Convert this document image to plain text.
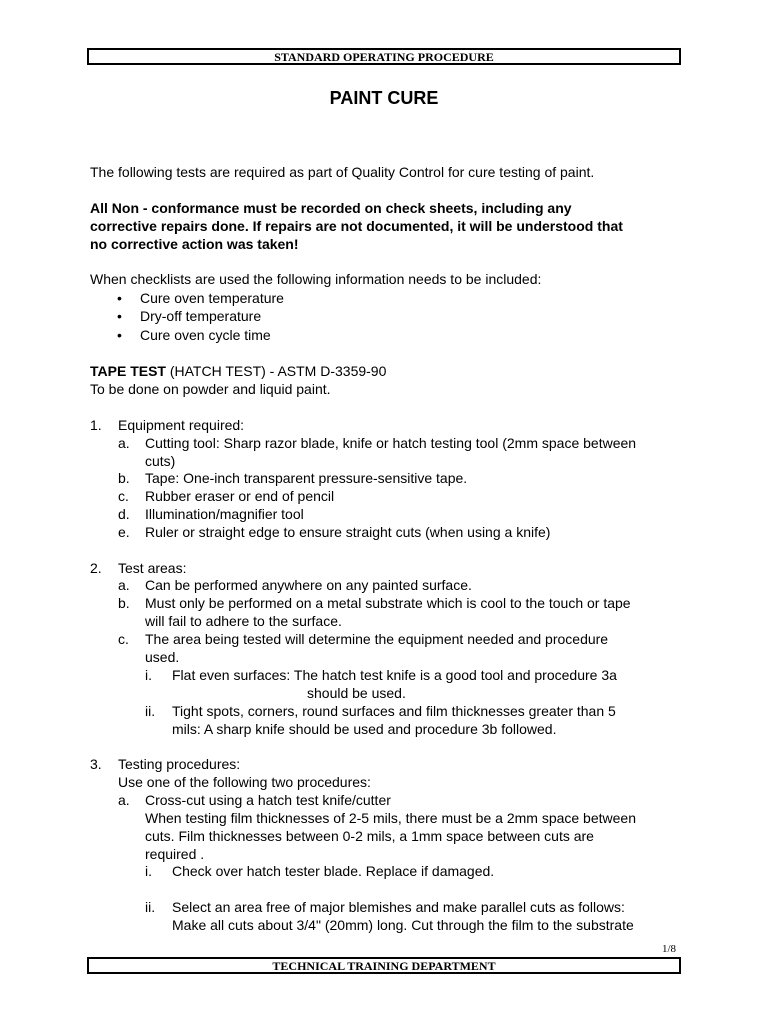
STANDARD OPERATING PROCEDURE
PAINT CURE
The following tests are required as part of Quality Control for cure testing of paint.
All Non - conformance must be recorded on check sheets, including any
corrective repairs done. If repairs are not documented, it will be understood that
no corrective action was taken!
When checklists are used the following information needs to be included:
• Cure oven temperature
• Dry-off temperature
• Cure oven cycle time
TAPE TEST (HATCH TEST) - ASTM D-3359-90
To be done on powder and liquid paint.
1. Equipment required:
a. Cutting tool: Sharp razor blade, knife or hatch testing tool (2mm space between
cuts)
b. Tape: One-inch transparent pressure-sensitive tape.
c. Rubber eraser or end of pencil
d. Illumination/magnifier tool
e. Ruler or straight edge to ensure straight cuts (when using a knife)
2. Test areas:
a. Can be performed anywhere on any painted surface.
b. Must only be performed on a metal substrate which is cool to the touch or tape
will fail to adhere to the surface.
c. The area being tested will determine the equipment needed and procedure
used.
i. Flat even surfaces: The hatch test knife is a good tool and procedure 3a
should be used.
ii. Tight spots, corners, round surfaces and film thicknesses greater than 5
mils: A sharp knife should be used and procedure 3b followed.
3. Testing procedures:
Use one of the following two procedures:
a. Cross-cut using a hatch test knife/cutter
When testing film thicknesses of 2-5 mils, there must be a 2mm space between
cuts. Film thicknesses between 0-2 mils, a 1mm space between cuts are
required .
i. Check over hatch tester blade. Replace if damaged.
ii. Select an area free of major blemishes and make parallel cuts as follows:
Make all cuts about 3/4" (20mm) long. Cut through the film to the substrate
1/8
TECHNICAL TRAINING DEPARTMENT
